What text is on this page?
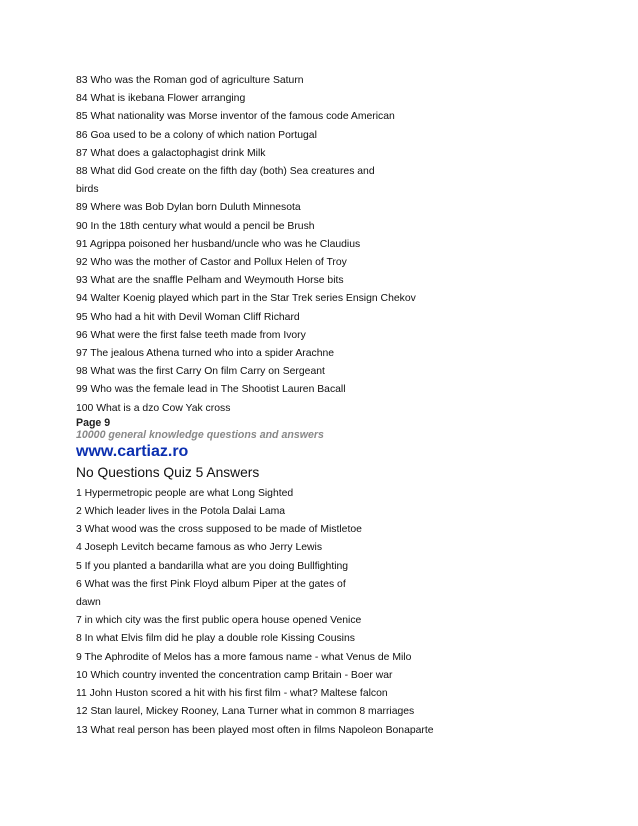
83 Who was the Roman god of agriculture Saturn
84 What is ikebana Flower arranging
85 What nationality was Morse inventor of the famous code American
86 Goa used to be a colony of which nation Portugal
87 What does a galactophagist drink Milk
88 What did God create on the fifth day (both) Sea creatures and
birds
89 Where was Bob Dylan born Duluth Minnesota
90 In the 18th century what would a pencil be Brush
91 Agrippa poisoned her husband/uncle who was he Claudius
92 Who was the mother of Castor and Pollux Helen of Troy
93 What are the snaffle Pelham and Weymouth Horse bits
94 Walter Koenig played which part in the Star Trek series Ensign Chekov
95 Who had a hit with Devil Woman Cliff Richard
96 What were the first false teeth made from Ivory
97 The jealous Athena turned who into a spider Arachne
98 What was the first Carry On film Carry on Sergeant
99 Who was the female lead in The Shootist Lauren Bacall
100 What is a dzo Cow Yak cross
Page 9
10000 general knowledge questions and answers
www.cartiaz.ro
No Questions Quiz 5 Answers
1 Hypermetropic people are what Long Sighted
2 Which leader lives in the Potola Dalai Lama
3 What wood was the cross supposed to be made of Mistletoe
4 Joseph Levitch became famous as who Jerry Lewis
5 If you planted a bandarilla what are you doing Bullfighting
6 What was the first Pink Floyd album Piper at the gates of
dawn
7 in which city was the first public opera house opened Venice
8 In what Elvis film did he play a double role Kissing Cousins
9 The Aphrodite of Melos has a more famous name - what Venus de Milo
10 Which country invented the concentration camp Britain - Boer war
11 John Huston scored a hit with his first film - what? Maltese falcon
12 Stan laurel, Mickey Rooney, Lana Turner what in common 8 marriages
13 What real person has been played most often in films Napoleon Bonaparte
